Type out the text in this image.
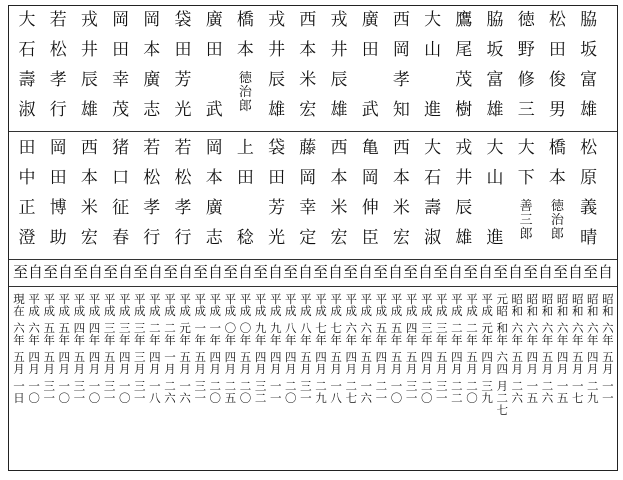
大
石
壽
淑
若
松
孝
行
戎
井
辰
雄
岡
田
幸
茂
岡
本
廣
志
袋
田
芳
光
廣
田
武
橋
本
徳
治
郎
戎
井
辰
雄
西
本
米
宏
戎
井
辰
雄
廣
田
武
西
岡
孝
知
大
山
進
鷹
尾
茂
樹
脇
坂
富
雄
徳
野
修
三
松
田
俊
男
脇
坂
富
雄
田
中
正
澄
岡
田
博
助
西
本
米
宏
猪
口
征
春
若
松
孝
行
若
松
孝
行
岡
本
廣
志
上
田
稔
袋
田
芳
光
藤
岡
幸
定
西
本
米
宏
亀
岡
伸
臣
西
本
米
宏
大
石
壽
淑
戎
井
辰
雄
大
山
進
大
下
善
三
郎
橋
本
徳
治
郎
松
原
義
晴
至自至自至自至自至自至自至自至自至自至自至自至自至自至自至自至自至自至自至自至自
現
在
六
年
五
月
一
日
平
成
六
年
四
月
一
〇
平
成
五
年
五
月
三
一
平
成
五
年
四
月
一
〇
平
成
四
年
五
月
三
一
平
成
四
年
四
月
一
〇
平
成
三
年
五
月
三
一
平
成
三
年
四
月
一
〇
平
成
三
年
三
月
三
一
平
成
二
年
四
月
一
八
平
成
二
年
一
月
二
六
平
成
元
年
五
月
一
六
平
成
一
年
五
月
三
一
平
成
一
年
四
月
二
〇
平
成
〇
年
四
月
二
五
平
成
〇
年
五
月
二
〇
平
成
九
年
四
月
三
二
平
成
九
年
四
月
一
一
平
成
八
年
四
月
二
〇
平
成
八
年
五
月
三
一
平
成
七
年
四
月
二
九
平
成
七
年
五
月
一
八
平
成
六
年
四
月
二
七
平
成
六
年
五
月
一
六
平
成
五
年
四
月
二
一
平
成
五
年
五
月
一
〇
平
成
四
年
五
月
三
一
平
成
三
年
四
月
二
〇
平
成
三
年
五
月
三
一
平
成
二
年
四
月
二
二
平
成
二
年
五
月
二
〇
平
成
元
年
四
月
三
九
元
昭
和
年
六
四
月
二
七
昭
和
六
年
五
月
二
六
昭
和
六
年
四
月
一
五
昭
和
六
年
五
月
二
六
昭
和
六
年
四
月
一
五
昭
和
六
年
五
月
一
七
昭
和
六
年
四
月
二
九
昭
和
六
年
五
月
一
一
